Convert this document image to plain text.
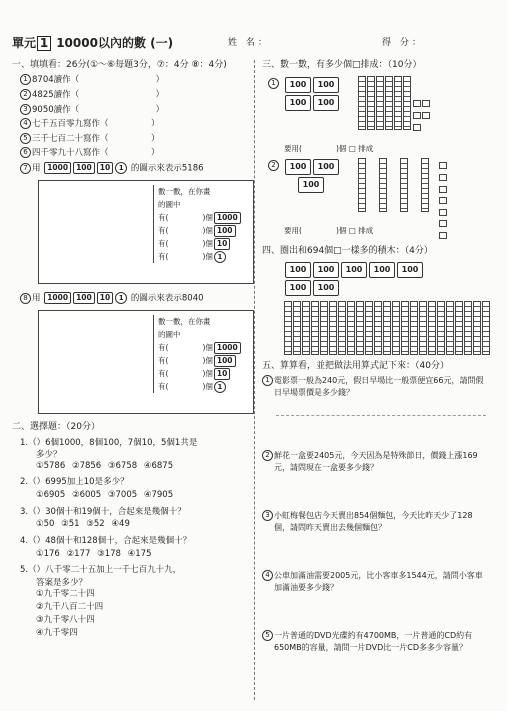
單元 1 10000以內的數 (一)	姓 名：	得 分：
一、填填看：26分(①～⑥每題3分，⑦：4分 ⑧：4分)
1 8704讀作（　　　　　　　　　）
2 4825讀作（　　　　　　　　　）
3 9050讀作（　　　　　　　　　）
4 七千五百零九寫作（　　　　　）
5 三千七百二十寫作（　　　　　）
6 四千零九十八寫作（　　　　　）
7 用 1000 100 10 1 的圖示來表示5186
數一數，在你畫
的圖中
有(	)個 1000
有(	)個 100
有(	)個 10
有(	)個 1
8 用 1000 100 10 1 的圖示來表示8040
數一數，在你畫
的圖中
有(	)個 1000
有(	)個 100
有(	)個 10
有(	)個 1
二、選擇題：（20分）
1.（）6個1000，8個100，7個10，5個1共是
多少？
①5786 ②7856 ③6758 ④6875
2.（）6995加上10是多少？
①6905 ②6005 ③7005 ④7905
3.（）30個十和19個十，合起來是幾個十？
①50 ②51 ③52 ④49
4.（）48個十和128個十，合起來是幾個十？
①176 ②177 ③178 ④175
5.（）八千零二十五加上一千七百九十九，
答案是多少？
①九千零二十四
②九千八百二十四
③九千零八十四
④九千零四
三、數一數，有多少個□排成：（10分）
1	100 100 100 100

要用(	)個 □ 排成
2	100 100 100

要用(	)個 □ 排成
四、圈出和694個□一樣多的積木：（4分）
100 100 100 100 100
100 100
五、算算看，並把做法用算式記下來：（40分）
1 電影票一般為240元，假日早場比一般票便宜66元，請問假日早場票價是多少錢？
2 鮮花一盒要2405元，今天因為是特殊節日，價錢上漲169元，請問現在一盒要多少錢？
3 小虹梅餐包店今天賣出854個麵包，今天比昨天少了128個，請問昨天賣出去幾個麵包？
4 公車加滿油需要2005元，比小客車多1544元，請問小客車加滿油要多少錢？
5 一片普通的DVD光碟約有4700MB，一片普通的CD約有650MB的容量，請問一片DVD比一片CD多多少容量？
